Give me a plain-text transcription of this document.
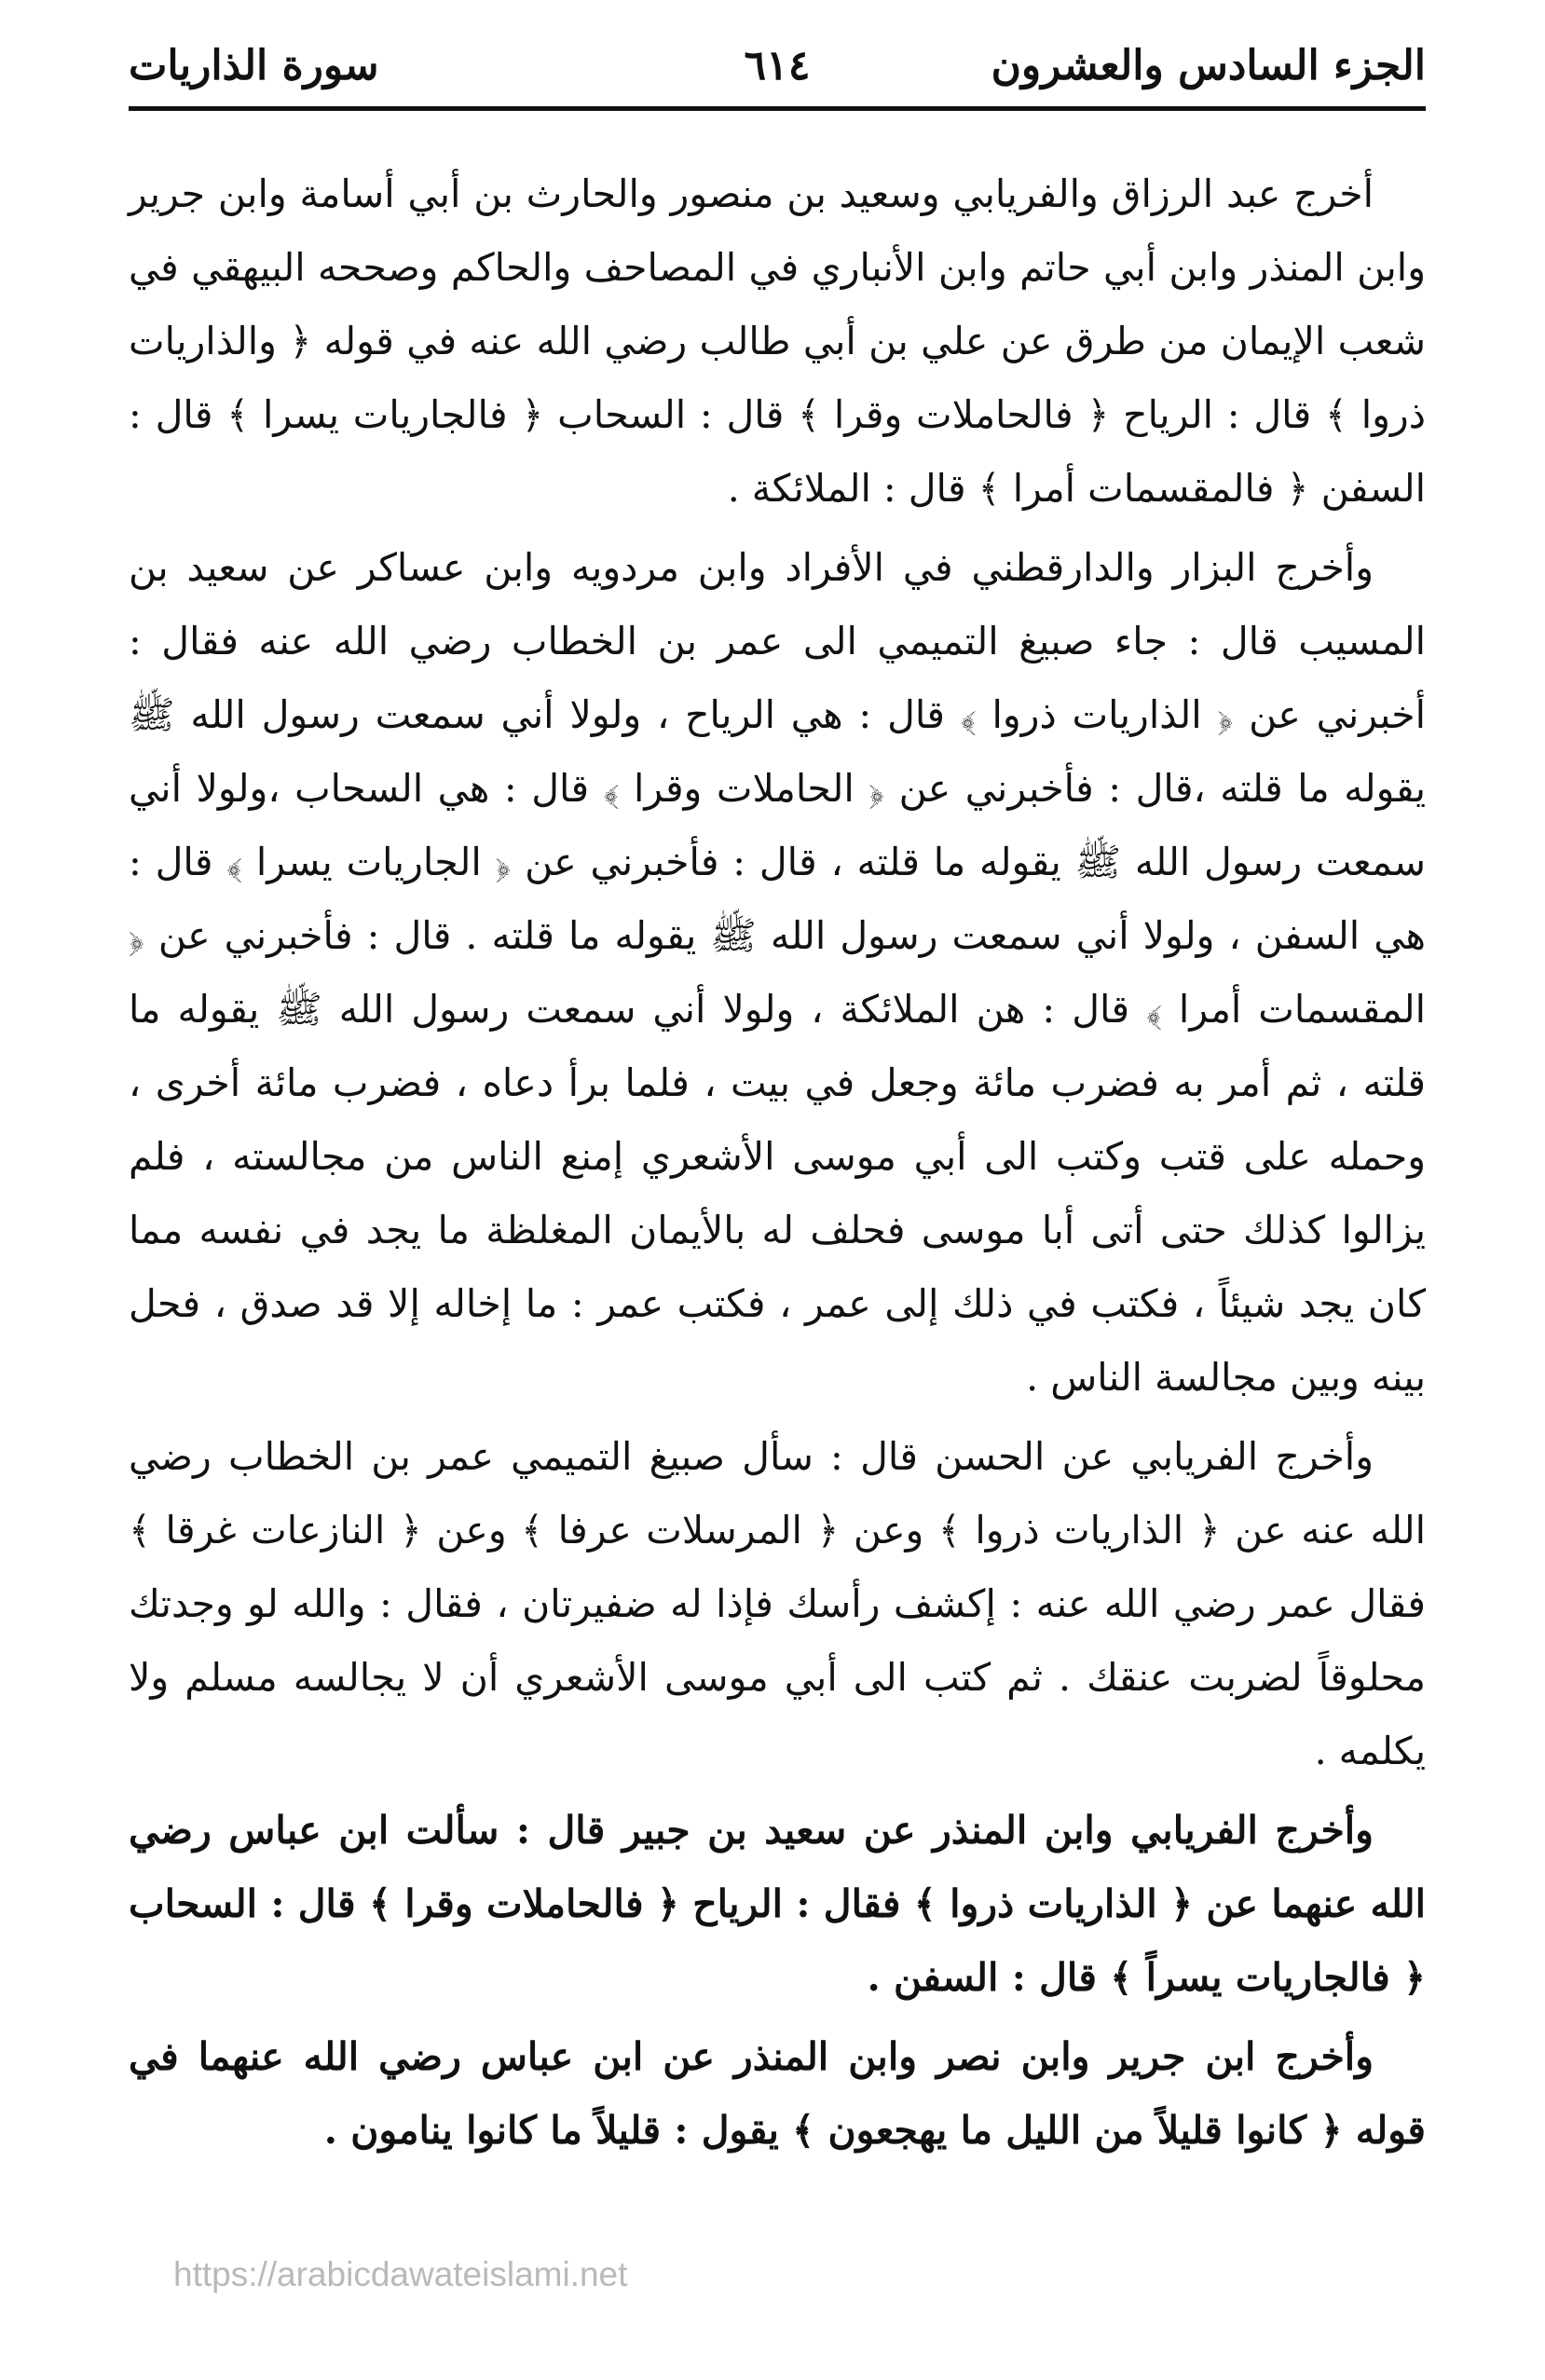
الجزء السادس والعشرون
٦١٤
سورة الذاريات

أخرج عبد الرزاق والفريابي وسعيد بن منصور والحارث بن أبي أسامة وابن جرير وابن المنذر وابن أبي حاتم وابن الأنباري في المصاحف والحاكم وصححه البيهقي في شعب الإيمان من طرق عن علي بن أبي طالب رضي الله عنه في قوله ﴿ والذاريات ذروا ﴾ قال : الرياح ﴿ فالحاملات وقرا ﴾ قال : السحاب ﴿ فالجاريات يسرا ﴾ قال : السفن ﴿ فالمقسمات أمرا ﴾ قال : الملائكة .

وأخرج البزار والدارقطني في الأفراد وابن مردويه وابن عساكر عن سعيد بن المسيب قال : جاء صبيغ التميمي الى عمر بن الخطاب رضي الله عنه فقال : أخبرني عن ﴿ الذاريات ذروا ﴾ قال : هي الرياح ، ولولا أني سمعت رسول الله ﷺ يقوله ما قلته ،قال : فأخبرني عن ﴿ الحاملات وقرا ﴾ قال : هي السحاب ،ولولا أني سمعت رسول الله ﷺ يقوله ما قلته ، قال : فأخبرني عن ﴿ الجاريات يسرا ﴾ قال : هي السفن ، ولولا أني سمعت رسول الله ﷺ يقوله ما قلته . قال : فأخبرني عن ﴿ المقسمات أمرا ﴾ قال : هن الملائكة ، ولولا أني سمعت رسول الله ﷺ يقوله ما قلته ، ثم أمر به فضرب مائة وجعل في بيت ، فلما برأ دعاه ، فضرب مائة أخرى ، وحمله على قتب وكتب الى أبي موسى الأشعري إمنع الناس من مجالسته ، فلم يزالوا كذلك حتى أتى أبا موسى فحلف له بالأيمان المغلظة ما يجد في نفسه مما كان يجد شيئاً ، فكتب في ذلك إلى عمر ، فكتب عمر : ما إخاله إلا قد صدق ، فحل بينه وبين مجالسة الناس .

وأخرج الفريابي عن الحسن قال : سأل صبيغ التميمي عمر بن الخطاب رضي الله عنه عن ﴿ الذاريات ذروا ﴾ وعن ﴿ المرسلات عرفا ﴾ وعن ﴿ النازعات غرقا ﴾ فقال عمر رضي الله عنه : إكشف رأسك فإذا له ضفيرتان ، فقال : والله لو وجدتك محلوقاً لضربت عنقك . ثم كتب الى أبي موسى الأشعري أن لا يجالسه مسلم ولا يكلمه .

وأخرج الفريابي وابن المنذر عن سعيد بن جبير قال : سألت ابن عباس رضي الله عنهما عن ﴿ الذاريات ذروا ﴾ فقال : الرياح ﴿ فالحاملات وقرا ﴾ قال : السحاب ﴿ فالجاريات يسراً ﴾ قال : السفن .

وأخرج ابن جرير وابن نصر وابن المنذر عن ابن عباس رضي الله عنهما في قوله ﴿ كانوا قليلاً من الليل ما يهجعون ﴾ يقول : قليلاً ما كانوا ينامون .

https://arabicdawateislami.net
